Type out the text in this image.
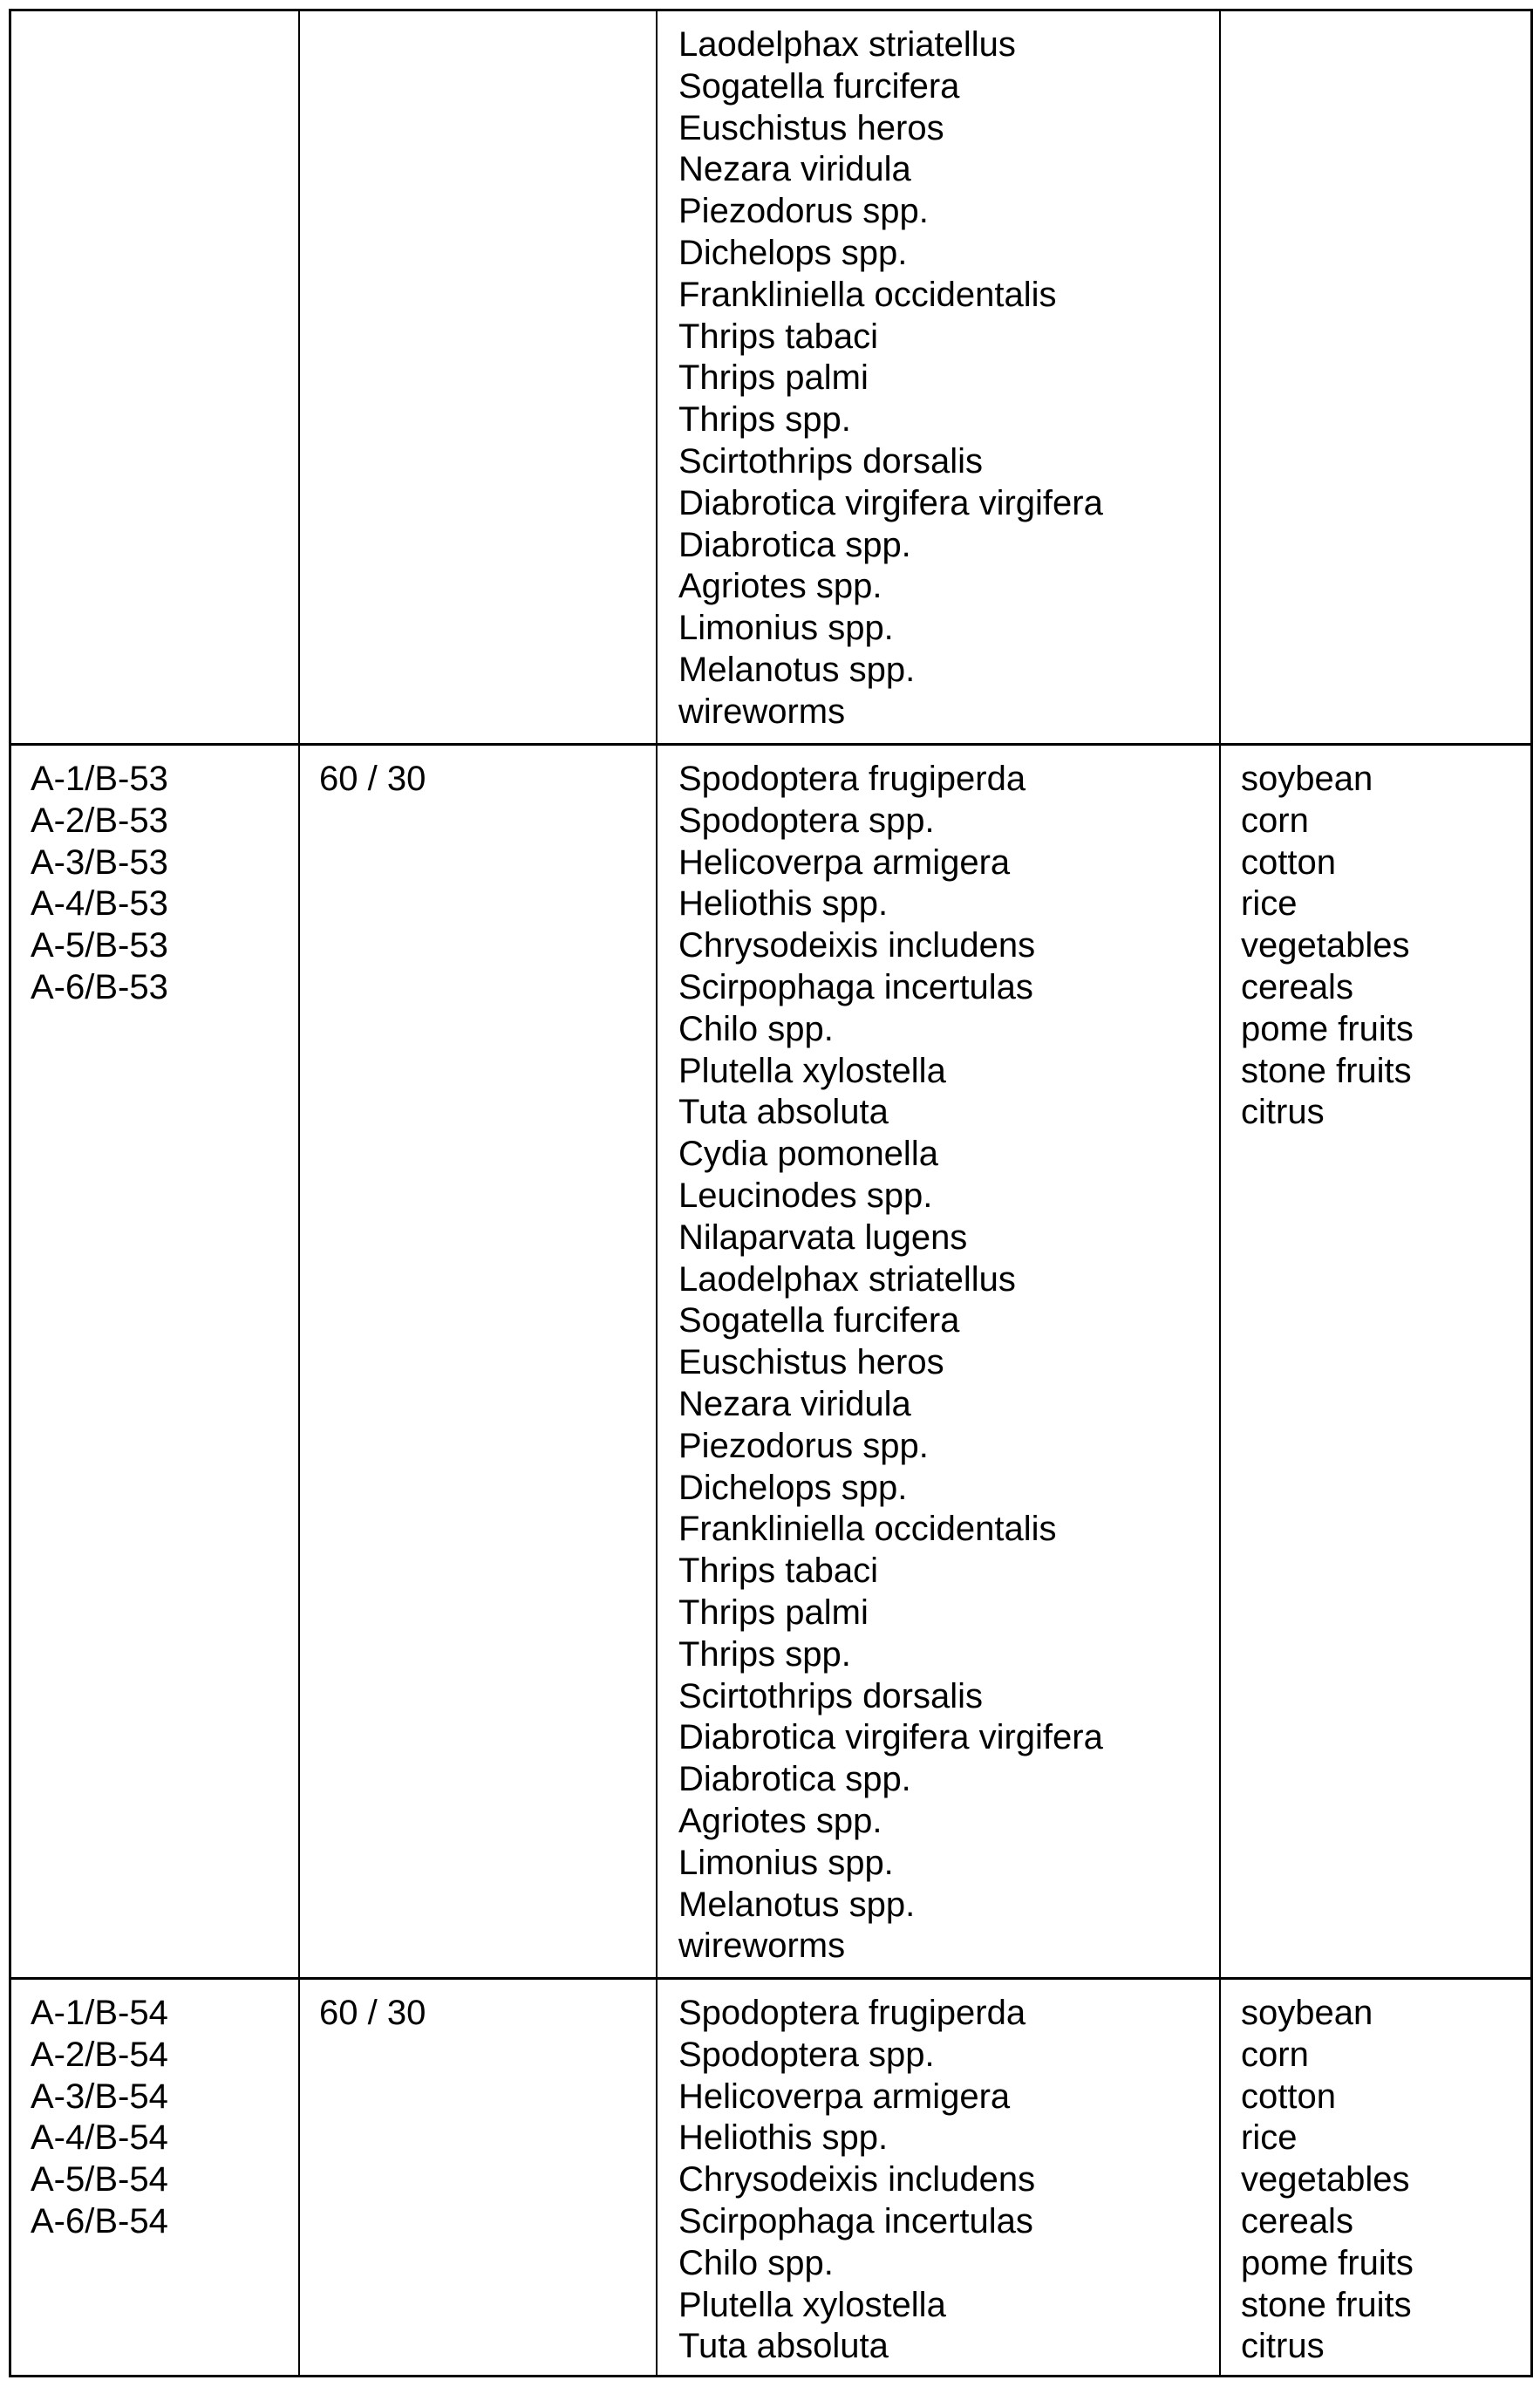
Laodelphax striatellus
Sogatella furcifera
Euschistus heros
Nezara viridula
Piezodorus spp.
Dichelops spp.
Frankliniella occidentalis
Thrips tabaci
Thrips palmi
Thrips spp.
Scirtothrips dorsalis
Diabrotica virgifera virgifera
Diabrotica spp.
Agriotes spp.
Limonius spp.
Melanotus spp.
wireworms
A-1/B-53
A-2/B-53
A-3/B-53
A-4/B-53
A-5/B-53
A-6/B-53
60 / 30	Spodoptera frugiperda
Spodoptera spp.
Helicoverpa armigera
Heliothis spp.
Chrysodeixis includens
Scirpophaga incertulas
Chilo spp.
Plutella xylostella
Tuta absoluta
Cydia pomonella
Leucinodes spp.
Nilaparvata lugens
Laodelphax striatellus
Sogatella furcifera
Euschistus heros
Nezara viridula
Piezodorus spp.
Dichelops spp.
Frankliniella occidentalis
Thrips tabaci
Thrips palmi
Thrips spp.
Scirtothrips dorsalis
Diabrotica virgifera virgifera
Diabrotica spp.
Agriotes spp.
Limonius spp.
Melanotus spp.
wireworms
soybean
corn
cotton
rice
vegetables
cereals
pome fruits
stone fruits
citrus
A-1/B-54
A-2/B-54
A-3/B-54
A-4/B-54
A-5/B-54
A-6/B-54
60 / 30	Spodoptera frugiperda
Spodoptera spp.
Helicoverpa armigera
Heliothis spp.
Chrysodeixis includens
Scirpophaga incertulas
Chilo spp.
Plutella xylostella
Tuta absoluta
soybean
corn
cotton
rice
vegetables
cereals
pome fruits
stone fruits
citrus
